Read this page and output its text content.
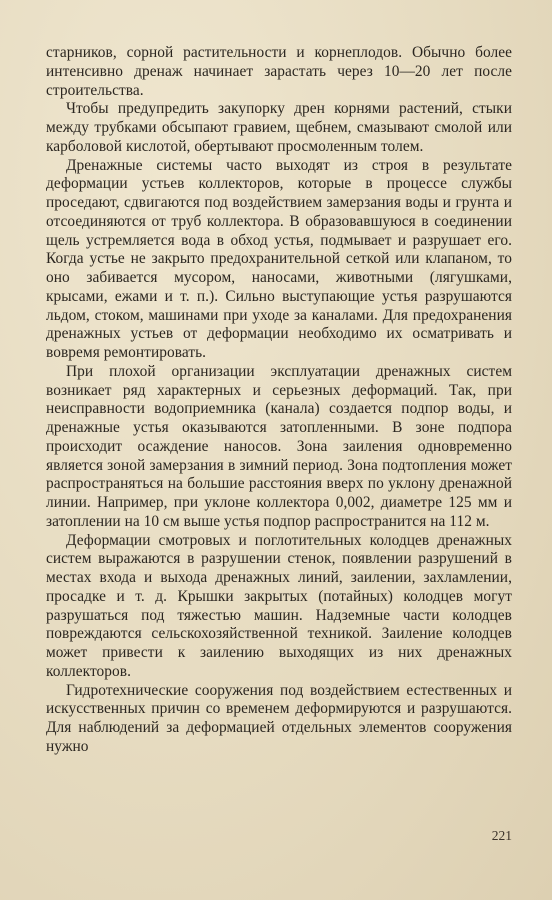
старников, сорной растительности и корнеплодов. Обычно более интенсивно дренаж начинает зарастать через 10—20 лет после строительства.

Чтобы предупредить закупорку дрен корнями растений, стыки между трубками обсыпают гравием, щебнем, смазывают смолой или карболовой кислотой, обертывают просмоленным толем.

Дренажные системы часто выходят из строя в результате деформации устьев коллекторов, которые в процессе службы проседают, сдвигаются под воздействием замерзания воды и грунта и отсоединяются от труб коллектора. В образовавшуюся в соединении щель устремляется вода в обход устья, подмывает и разрушает его. Когда устье не закрыто предохранительной сеткой или клапаном, то оно забивается мусором, наносами, животными (лягушками, крысами, ежами и т. п.). Сильно выступающие устья разрушаются льдом, стоком, машинами при уходе за каналами. Для предохранения дренажных устьев от деформации необходимо их осматривать и вовремя ремонтировать.

При плохой организации эксплуатации дренажных систем возникает ряд характерных и серьезных деформаций. Так, при неисправности водоприемника (канала) создается подпор воды, и дренажные устья оказываются затопленными. В зоне подпора происходит осаждение наносов. Зона заиления одновременно является зоной замерзания в зимний период. Зона подтопления может распространяться на большие расстояния вверх по уклону дренажной линии. Например, при уклоне коллектора 0,002, диаметре 125 мм и затоплении на 10 см выше устья подпор распространится на 112 м.

Деформации смотровых и поглотительных колодцев дренажных систем выражаются в разрушении стенок, появлении разрушений в местах входа и выхода дренажных линий, заилении, захламлении, просадке и т. д. Крышки закрытых (потайных) колодцев могут разрушаться под тяжестью машин. Надземные части колодцев повреждаются сельскохозяйственной техникой. Заиление колодцев может привести к заилению выходящих из них дренажных коллекторов.

Гидротехнические сооружения под воздействием естественных и искусственных причин со временем деформируются и разрушаются. Для наблюдений за деформацией отдельных элементов сооружения нужно

221
